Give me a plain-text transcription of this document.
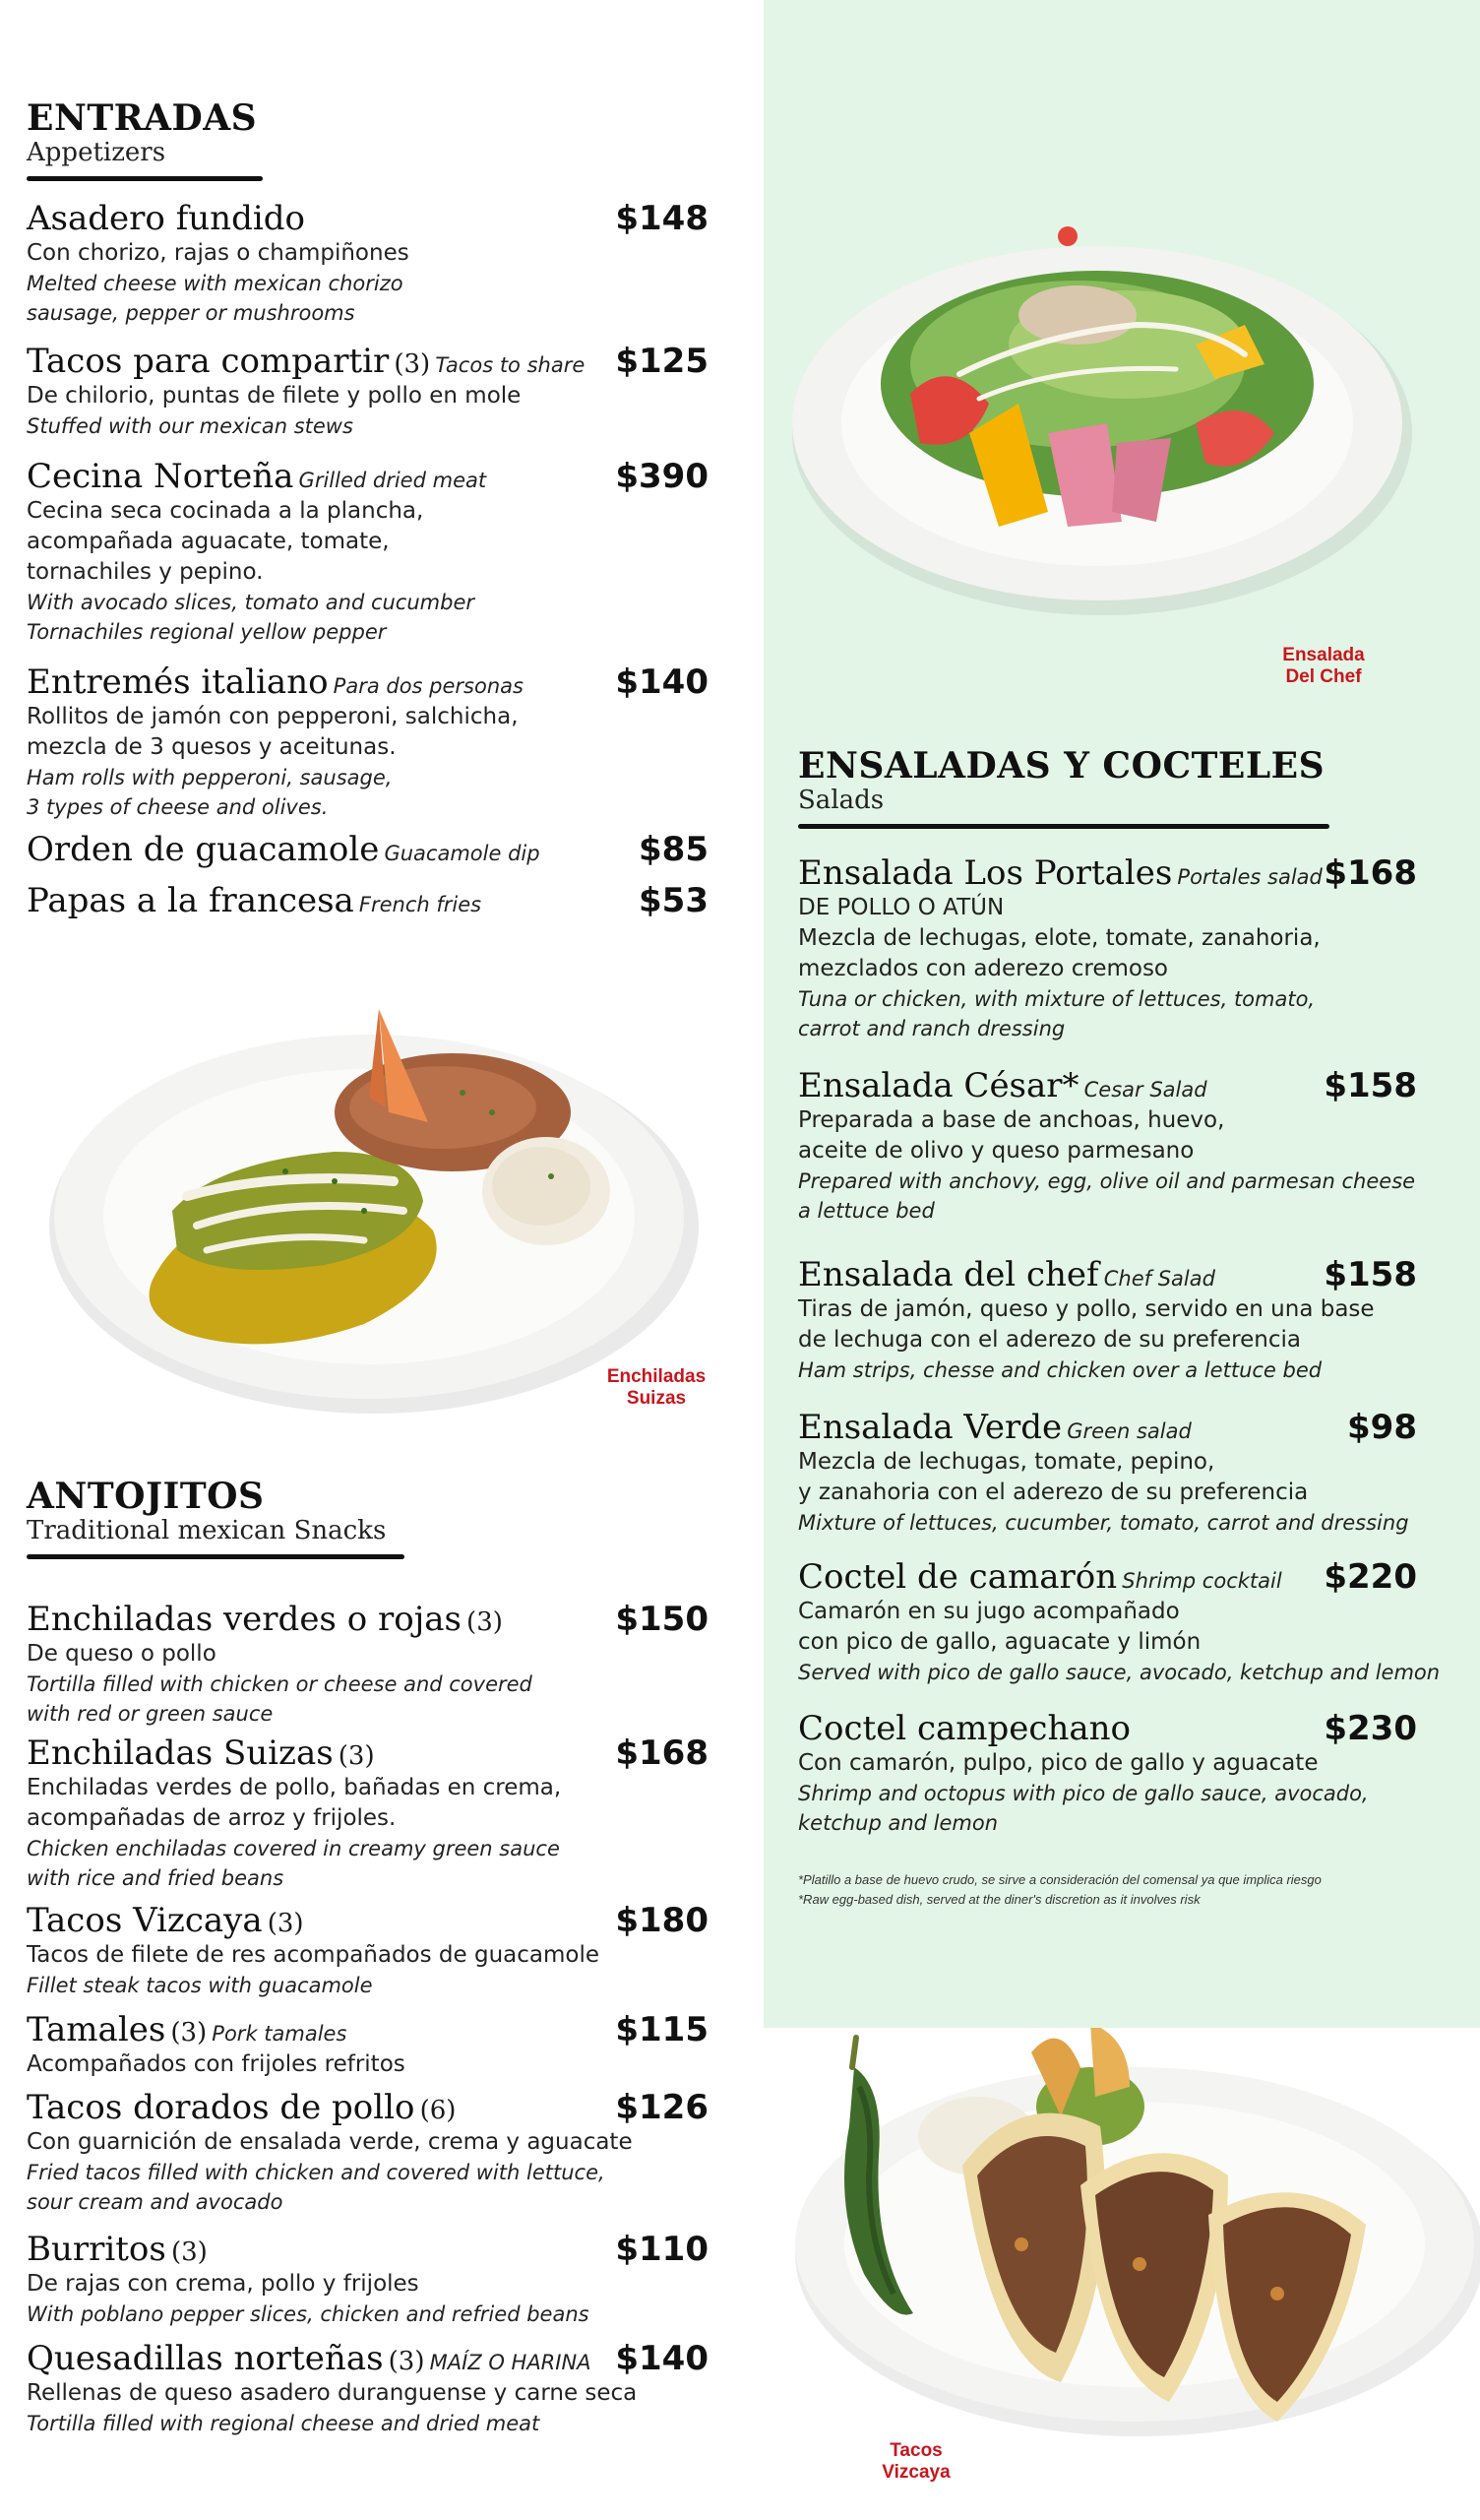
ENTRADAS
Appetizers
Asadero fundido	$148
Con chorizo, rajas o champiñones
Melted cheese with mexican chorizo
sausage, pepper or mushrooms
Tacos para compartir (3) Tacos to share $125
De chilorio, puntas de filete y pollo en mole
Stuffed with our mexican stews
Cecina Norteña Grilled dried meat	$390
Cecina seca cocinada a la plancha,
acompañada aguacate, tomate,
tornachiles y pepino.
With avocado slices, tomato and cucumber
Tornachiles regional yellow pepper
Entremés italiano Para dos personas	$140
Rollitos de jamón con pepperoni, salchicha,
mezcla de 3 quesos y aceitunas.
Ham rolls with pepperoni, sausage,
3 types of cheese and olives.
Orden de guacamole Guacamole dip	$85
Papas a la francesa French fries	$53
Enchiladas
Suizas
ANTOJITOS
Traditional mexican Snacks
Enchiladas verdes o rojas (3)	$150
De queso o pollo
Tortilla filled with chicken or cheese and covered
with red or green sauce
Enchiladas Suizas (3)	$168
Enchiladas verdes de pollo, bañadas en crema,
acompañadas de arroz y frijoles.
Chicken enchiladas covered in creamy green sauce
with rice and fried beans
Tacos Vizcaya (3)	$180
Tacos de filete de res acompañados de guacamole
Fillet steak tacos with guacamole
Tamales (3) Pork tamales	$115
Acompañados con frijoles refritos
Tacos dorados de pollo (6)	$126
Con guarnición de ensalada verde, crema y aguacate
Fried tacos filled with chicken and covered with lettuce,
sour cream and avocado
Burritos (3)	$110
De rajas con crema, pollo y frijoles
With poblano pepper slices, chicken and refried beans
Quesadillas norteñas (3) MAÍZ O HARINA $140
Rellenas de queso asadero duranguense y carne seca
Tortilla filled with regional cheese and dried meat
Ensalada
Del Chef
ENSALADAS Y COCTELES
Salads
Ensalada Los Portales Portales salad $168
DE POLLO O ATÚN
Mezcla de lechugas, elote, tomate, zanahoria,
mezclados con aderezo cremoso
Tuna or chicken, with mixture of lettuces, tomato,
carrot and ranch dressing
Ensalada César* Cesar Salad	$158
Preparada a base de anchoas, huevo,
aceite de olivo y queso parmesano
Prepared with anchovy, egg, olive oil and parmesan cheese
a lettuce bed
Ensalada del chef Chef Salad	$158
Tiras de jamón, queso y pollo, servido en una base
de lechuga con el aderezo de su preferencia
Ham strips, chesse and chicken over a lettuce bed
Ensalada Verde Green salad	$98
Mezcla de lechugas, tomate, pepino,
y zanahoria con el aderezo de su preferencia
Mixture of lettuces, cucumber, tomato, carrot and dressing
Coctel de camarón Shrimp cocktail $220
Camarón en su jugo acompañado
con pico de gallo, aguacate y limón
Served with pico de gallo sauce, avocado, ketchup and lemon
Coctel campechano	$230
Con camarón, pulpo, pico de gallo y aguacate
Shrimp and octopus with pico de gallo sauce, avocado,
ketchup and lemon
*Platillo a base de huevo crudo, se sirve a consideración del comensal ya que implica riesgo
*Raw egg-based dish, served at the diner's discretion as it involves risk
Tacos
Vizcaya
